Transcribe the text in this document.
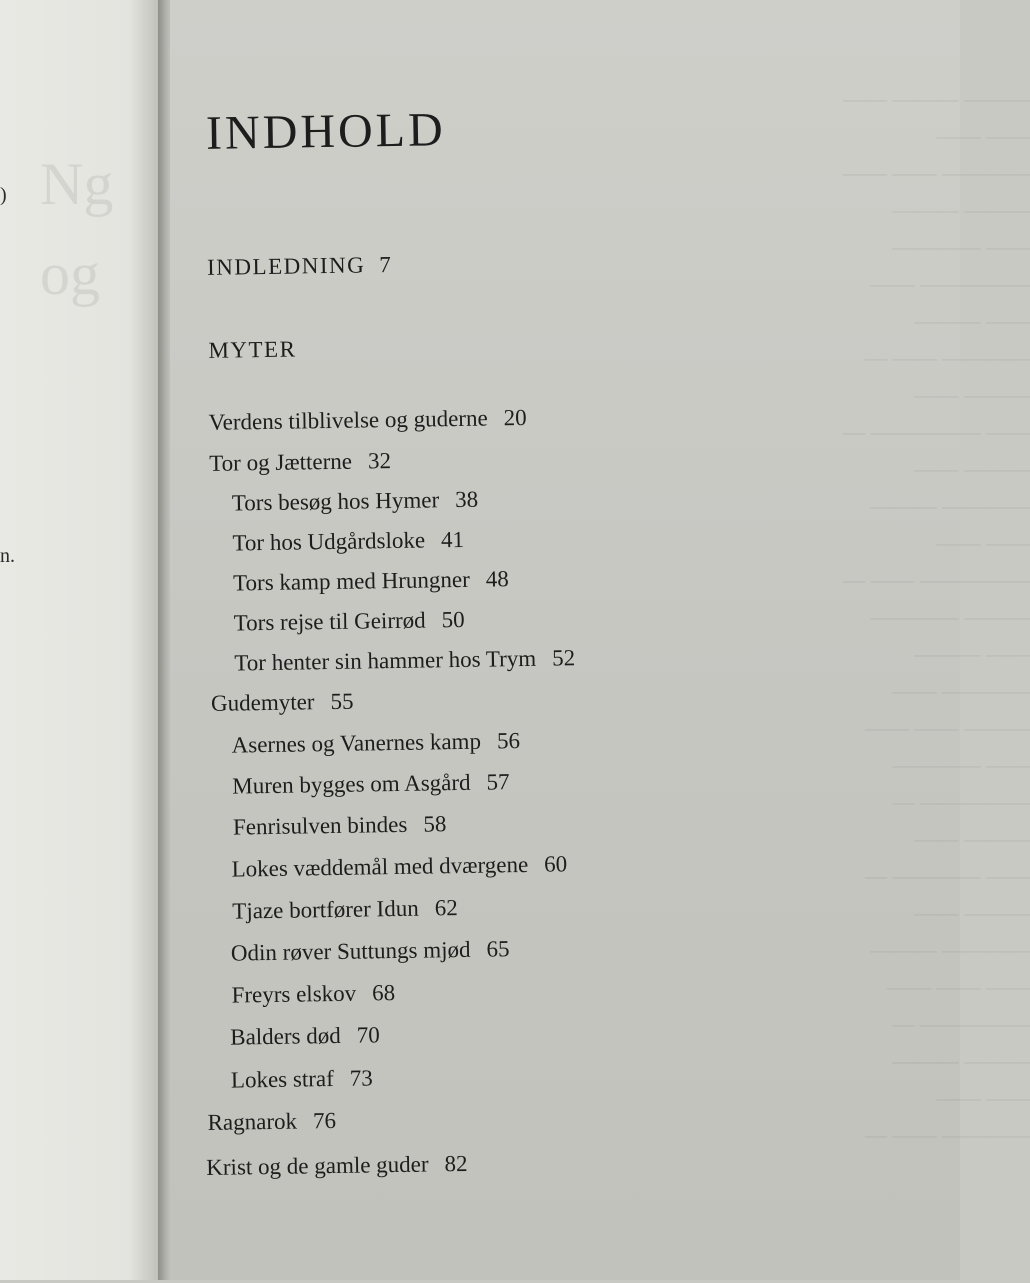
Ng
og
)
n.
——— ——— ——
—— ——
———— —— ——
——— ———
—— ————
————— ——
—— ———
———— —— —
——— ——
—— ————— —
——— ——
———— ———
—— ——
————— —— —
——— ————
—— ———
———— ——
——— —— ——
—— ————
————— —
——— ——
—— ———— —
——— ——
———— ———
—— —— ——
————— —
——— ———
—— ——
———— —— —
INDHOLD
INDLEDNING 7
MYTER
Verdens tilblivelse og guderne 20
Tor og Jætterne 32
Tors besøg hos Hymer 38
Tor hos Udgårdsloke 41
Tors kamp med Hrungner 48
Tors rejse til Geirrød 50
Tor henter sin hammer hos Trym 52
Gudemyter 55
Asernes og Vanernes kamp 56
Muren bygges om Asgård 57
Fenrisulven bindes 58
Lokes væddemål med dværgene 60
Tjaze bortfører Idun 62
Odin røver Suttungs mjød 65
Freyrs elskov 68
Balders død 70
Lokes straf 73
Ragnarok 76
Krist og de gamle guder 82
